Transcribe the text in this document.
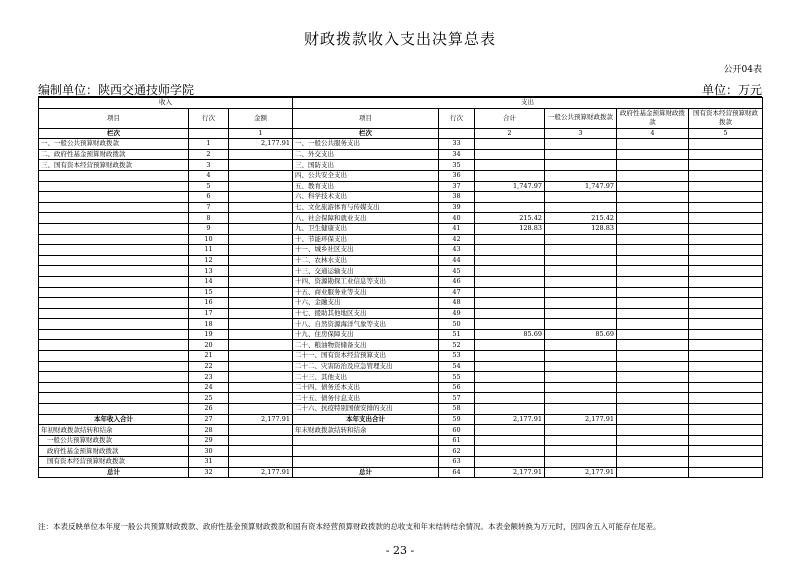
财政拨款收入支出决算总表
公开04表
编制单位：陕西交通技师学院	单位：万元
收入			支出					
项目	行次	金额	项目	行次	合计	一般公共预算财政拨款	政府性基金预算财政拨款	国有资本经营预算财政拨款
栏次		1	栏次		2	3	4	5
一、一般公共预算财政拨款	1	2,177.91	一、一般公共服务支出	33				
二、政府性基金预算财政拨款	2		二、外交支出	34				
三、国有资本经营预算财政拨款	3		三、国防支出	35				
	4		四、公共安全支出	36				
	5		五、教育支出	37	1,747.97	1,747.97		
	6		六、科学技术支出	38				
	7		七、文化旅游体育与传媒支出	39				
	8		八、社会保障和就业支出	40	215.42	215.42		
	9		九、卫生健康支出	41	128.83	128.83		
	10		十、节能环保支出	42				
	11		十一、城乡社区支出	43				
	12		十二、农林水支出	44				
	13		十三、交通运输支出	45				
	14		十四、资源勘探工业信息等支出	46				
	15		十五、商业服务业等支出	47				
	16		十六、金融支出	48				
	17		十七、援助其他地区支出	49				
	18		十八、自然资源海洋气象等支出	50				
	19		十九、住房保障支出	51	85.69	85.69		
	20		二十、粮油物资储备支出	52				
	21		二十一、国有资本经营预算支出	53				
	22		二十二、灾害防治及应急管理支出	54				
	23		二十三、其他支出	55				
	24		二十四、债务还本支出	56				
	25		二十五、债务付息支出	57				
	26		二十六、抗疫特别国债安排的支出	58				
本年收入合计	27	2,177.91	本年支出合计	59	2,177.91	2,177.91		
年初财政拨款结转和结余	28		年末财政拨款结转和结余	60				
一般公共预算财政拨款	29			61				
政府性基金预算财政拨款	30			62				
国有资本经营预算财政拨款	31			63				
总计	32	2,177.91	总计	64	2,177.91	2,177.91		
注：本表反映单位本年度一般公共预算财政拨款、政府性基金预算财政拨款和国有资本经营预算财政拨款的总收支和年末结转结余情况。本表金额转换为万元时，因四舍五入可能存在尾差。
- 23 -
